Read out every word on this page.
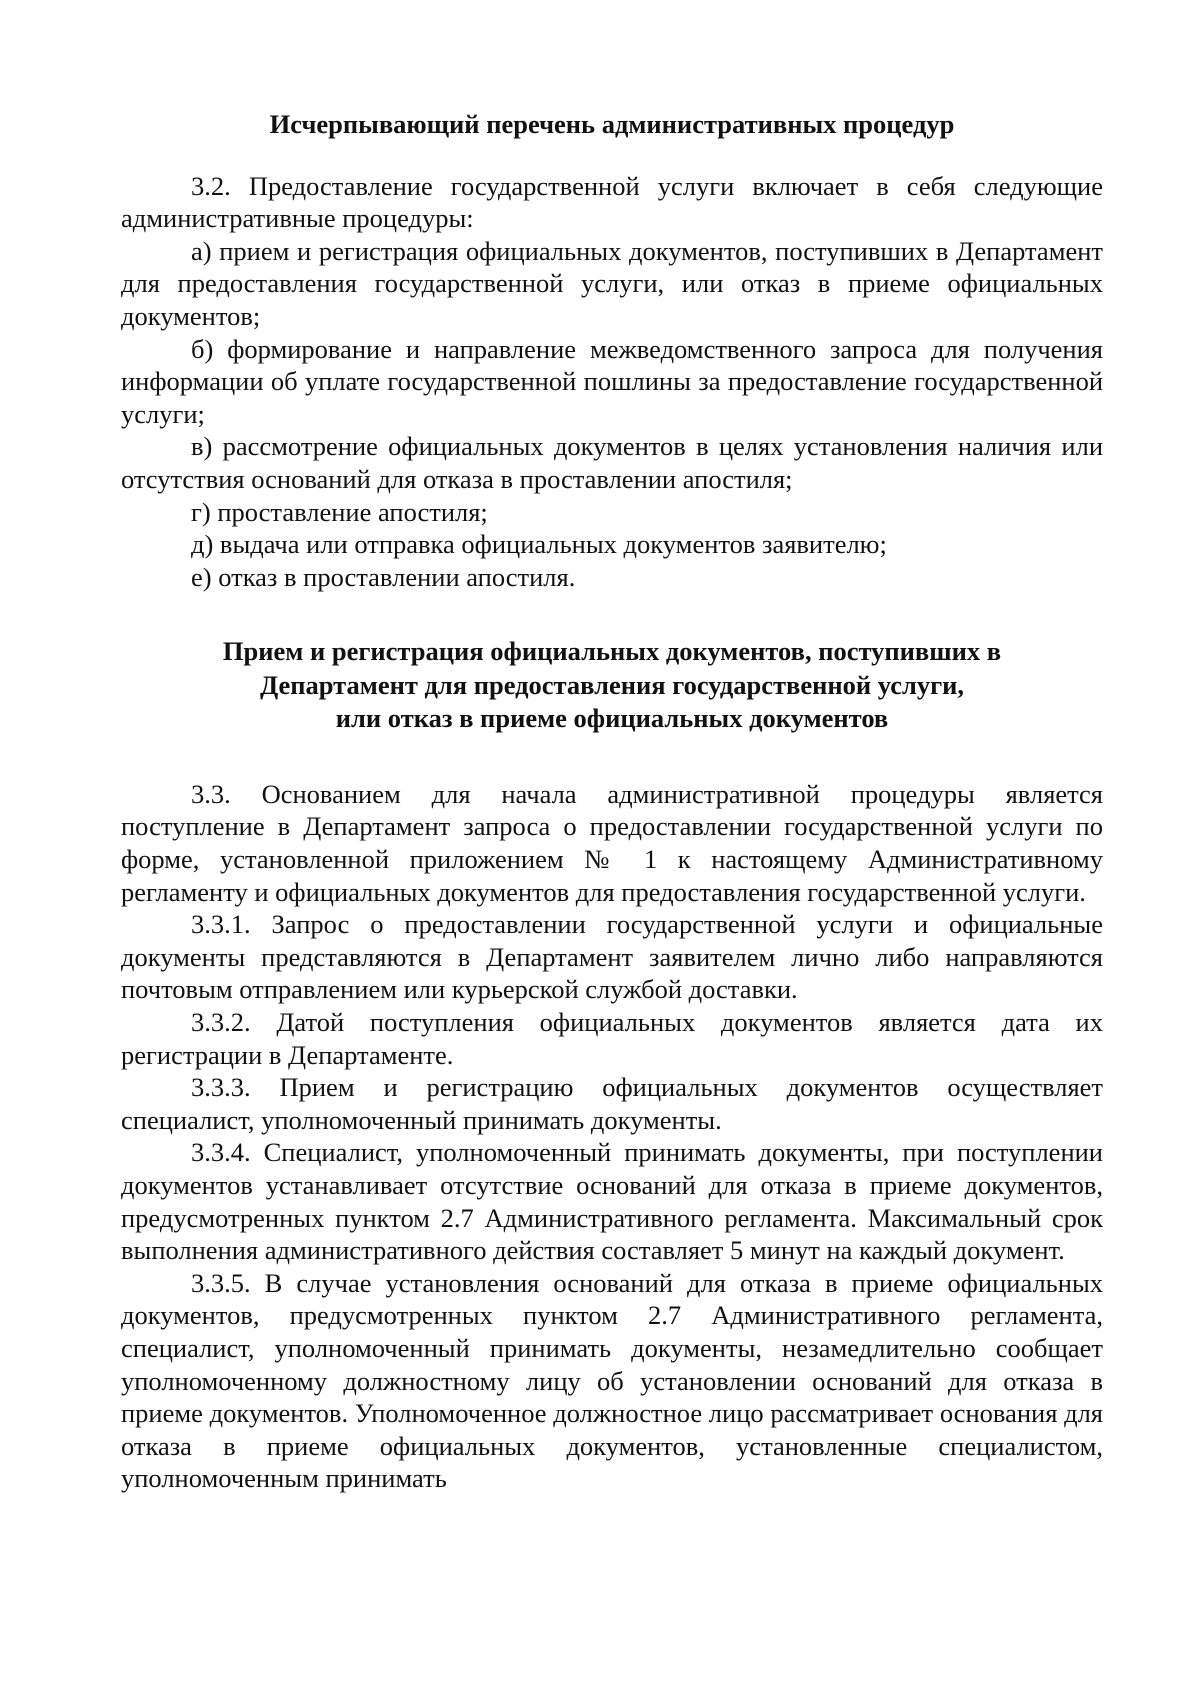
Исчерпывающий перечень административных процедур

3.2. Предоставление государственной услуги включает в себя следующие административные процедуры:

а) прием и регистрация официальных документов, поступивших в Департамент для предоставления государственной услуги, или отказ в приеме официальных документов;

б) формирование и направление межведомственного запроса для получения информации об уплате государственной пошлины за предоставление государственной услуги;

в) рассмотрение официальных документов в целях установления наличия или отсутствия оснований для отказа в проставлении апостиля;

г) проставление апостиля;

д) выдача или отправка официальных документов заявителю;

е) отказ в проставлении апостиля.

Прием и регистрация официальных документов, поступивших в
Департамент для предоставления государственной услуги,
или отказ в приеме официальных документов

3.3. Основанием для начала административной процедуры является поступление в Департамент запроса о предоставлении государственной услуги по форме, установленной приложением № 1 к настоящему Административному регламенту и официальных документов для предоставления государственной услуги.

3.3.1. Запрос о предоставлении государственной услуги и официальные документы представляются в Департамент заявителем лично либо направляются почтовым отправлением или курьерской службой доставки.

3.3.2. Датой поступления официальных документов является дата их регистрации в Департаменте.

3.3.3. Прием и регистрацию официальных документов осуществляет специалист, уполномоченный принимать документы.

3.3.4. Специалист, уполномоченный принимать документы, при поступлении документов устанавливает отсутствие оснований для отказа в приеме документов, предусмотренных пунктом 2.7 Административного регламента. Максимальный срок выполнения административного действия составляет 5 минут на каждый документ.

3.3.5. В случае установления оснований для отказа в приеме официальных документов, предусмотренных пунктом 2.7 Административного регламента, специалист, уполномоченный принимать документы, незамедлительно сообщает уполномоченному должностному лицу об установлении оснований для отказа в приеме документов. Уполномоченное должностное лицо рассматривает основания для отказа в приеме официальных документов, установленные специалистом, уполномоченным принимать
